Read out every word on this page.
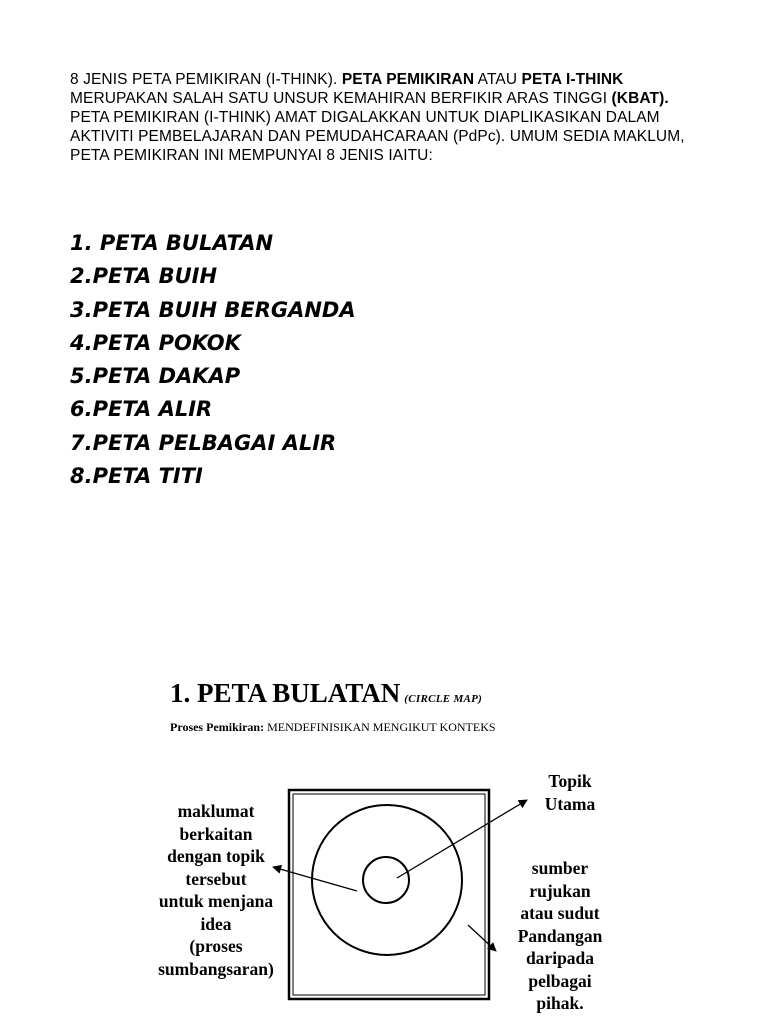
8 JENIS PETA PEMIKIRAN (I-THINK). PETA PEMIKIRAN ATAU PETA I-THINK MERUPAKAN SALAH SATU UNSUR KEMAHIRAN BERFIKIR ARAS TINGGI (KBAT). PETA PEMIKIRAN (I-THINK) AMAT DIGALAKKAN UNTUK DIAPLIKASIKAN DALAM AKTIVITI PEMBELAJARAN DAN PEMUDAHCARAAN (PdPc). UMUM SEDIA MAKLUM, PETA PEMIKIRAN INI MEMPUNYAI 8 JENIS IAITU:
1. PETA BULATAN
2.PETA BUIH
3.PETA BUIH BERGANDA
4.PETA POKOK
5.PETA DAKAP
6.PETA ALIR
7.PETA PELBAGAI ALIR
8.PETA TITI
1. PETA BULATAN (CIRCLE MAP)
Proses Pemikiran: MENDEFINISIKAN MENGIKUT KONTEKS
maklumat
berkaitan
dengan topik
tersebut
untuk menjana
idea
(proses
sumbangsaran)
Topik
Utama
sumber
rujukan
atau sudut
Pandangan
daripada
pelbagai
pihak.
